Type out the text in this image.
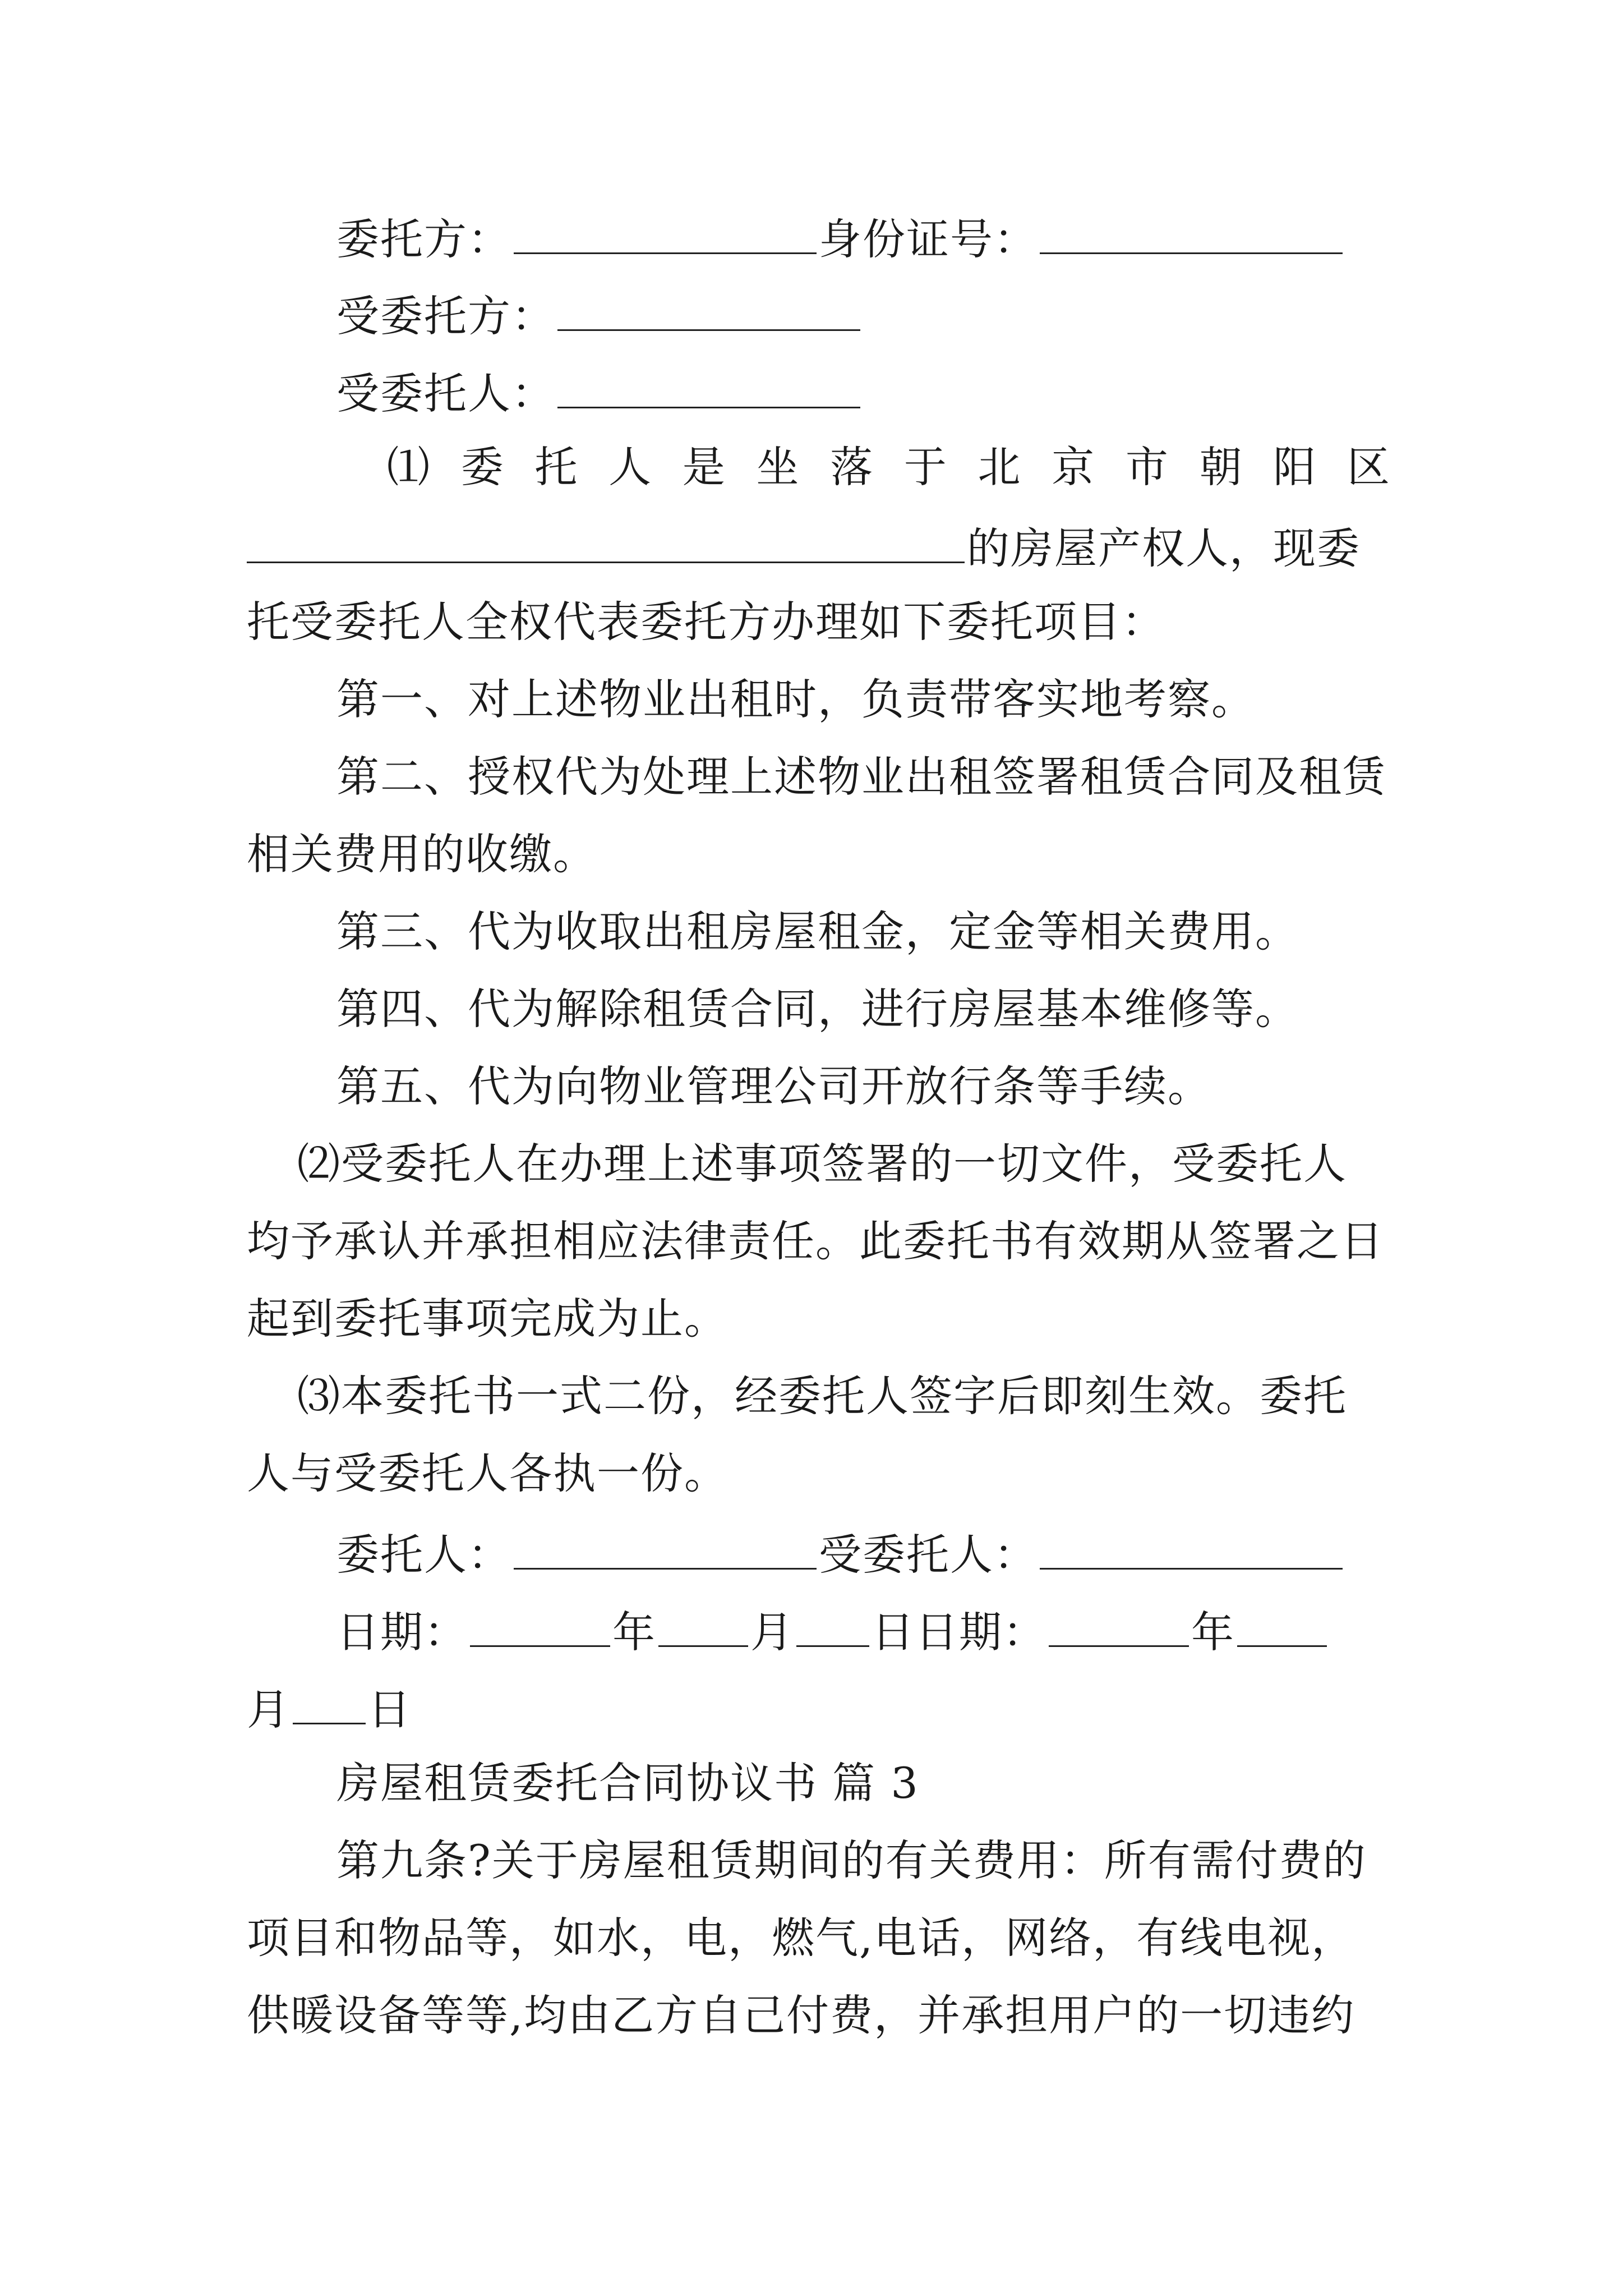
委托方：	身份证号：
受委托方：
受委托人：
⑴ 委 托 人 是 坐 落 于 北 京 市 朝 阳 区
的房屋产权人，现委
托受委托人全权代表委托方办理如下委托项目：
第一、对上述物业出租时，负责带客实地考察。
第二、授权代为处理上述物业出租签署租赁合同及租赁
相关费用的收缴。
第三、代为收取出租房屋租金，定金等相关费用。
第四、代为解除租赁合同，进行房屋基本维修等。
第五、代为向物业管理公司开放行条等手续。
⑵受委托人在办理上述事项签署的一切文件，受委托人
均予承认并承担相应法律责任。此委托书有效期从签署之日
起到委托事项完成为止。
⑶本委托书一式二份，经委托人签字后即刻生效。委托
人与受委托人各执一份。
委托人：	受委托人：
日期：	年 月 日日期：	年
月 日
房屋租赁委托合同协议书 篇 3
第九条?关于房屋租赁期间的有关费用：所有需付费的
项目和物品等，如水，电，燃气,电话，网络，有线电视，
供暖设备等等,均由乙方自己付费，并承担用户的一切违约
